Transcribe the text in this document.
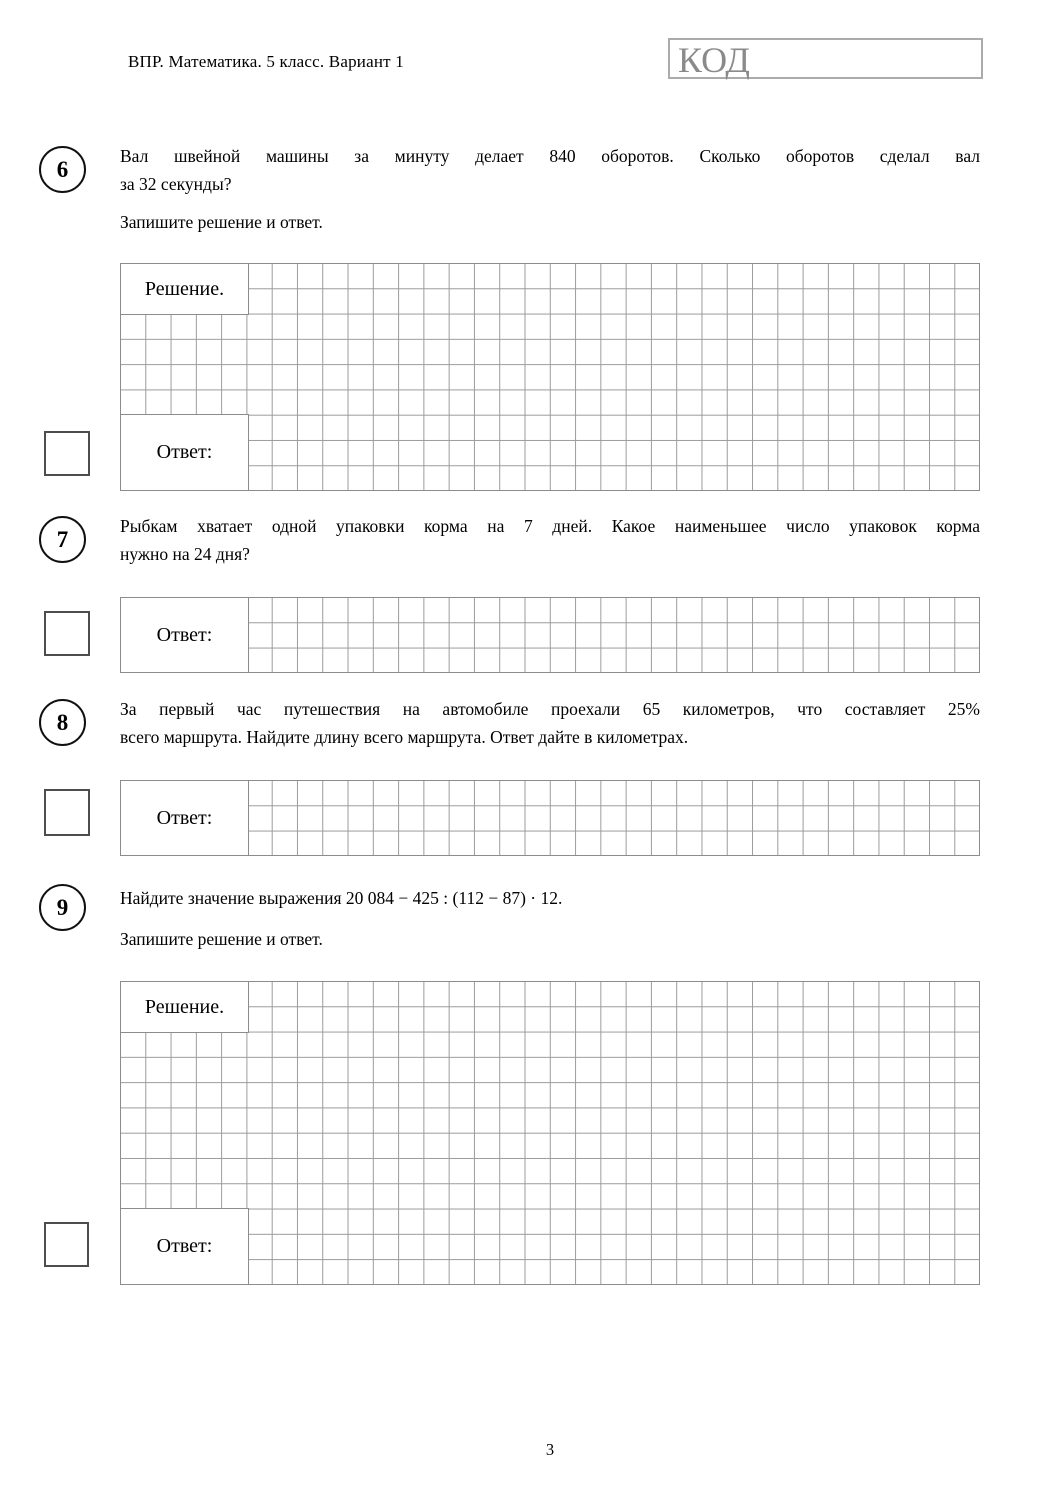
ВПР. Математика. 5 класс. Вариант 1	КОД
6
Вал швейной машины за минуту делает 840 оборотов. Сколько оборотов сделал вал
за 32 секунды?
Запишите решение и ответ.
Решение.
Ответ:
7
Рыбкам хватает одной упаковки корма на 7 дней. Какое наименьшее число упаковок корма
нужно на 24 дня?
Ответ:
8
За первый час путешествия на автомобиле проехали 65 километров, что составляет 25%
всего маршрута. Найдите длину всего маршрута. Ответ дайте в километрах.
Ответ:
9	Найдите значение выражения 20 084 − 425 : (112 − 87) · 12.
Запишите решение и ответ.
Решение.
Ответ:
3
